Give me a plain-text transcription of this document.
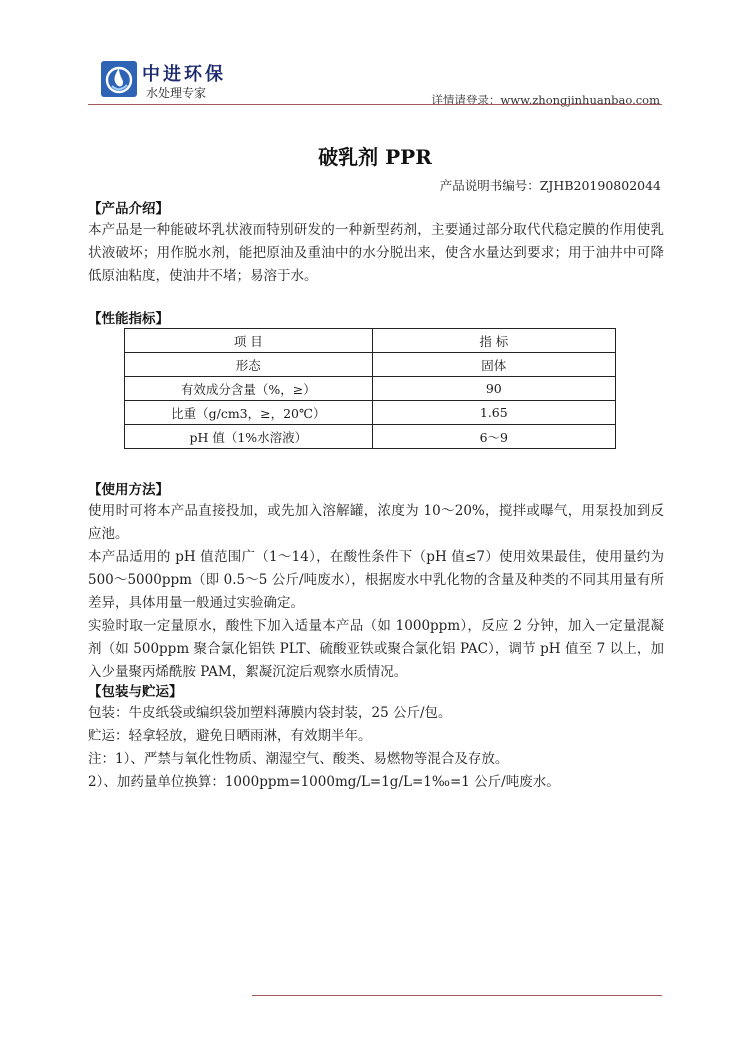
中进环保
水处理专家	详情请登录：www.zhongjinhuanbao.com
破乳剂 PPR
产品说明书编号：ZJHB20190802044
【产品介绍】

本产品是一种能破坏乳状液而特别研发的一种新型药剂，主要通过部分取代代稳定膜的作用使乳状液破坏；用作脱水剂，能把原油及重油中的水分脱出来，使含水量达到要求；用于油井中可降低原油粘度，使油井不堵；易溶于水。

【性能指标】
项 目	指 标
形态	固体
有效成分含量（%，≥）	90
比重（g/cm3，≥，20℃）	1.65
pH 值（1%水溶液）	6～9
【使用方法】

使用时可将本产品直接投加，或先加入溶解罐，浓度为 10～20%，搅拌或曝气，用泵投加到反应池。

本产品适用的 pH 值范围广（1～14），在酸性条件下（pH 值≤7）使用效果最佳，使用量约为 500～5000ppm（即 0.5～5 公斤/吨废水），根据废水中乳化物的含量及种类的不同其用量有所差异，具体用量一般通过实验确定。

实验时取一定量原水，酸性下加入适量本产品（如 1000ppm），反应 2 分钟，加入一定量混凝剂（如 500ppm 聚合氯化铝铁 PLT、硫酸亚铁或聚合氯化铝 PAC），调节 pH 值至 7 以上，加入少量聚丙烯酰胺 PAM，絮凝沉淀后观察水质情况。

【包装与贮运】

包装：牛皮纸袋或编织袋加塑料薄膜内袋封装，25 公斤/包。

贮运：轻拿轻放，避免日晒雨淋，有效期半年。

注：1）、严禁与氧化性物质、潮湿空气、酸类、易燃物等混合及存放。

2）、加药量单位换算：1000ppm=1000mg/L=1g/L=1‰=1 公斤/吨废水。
